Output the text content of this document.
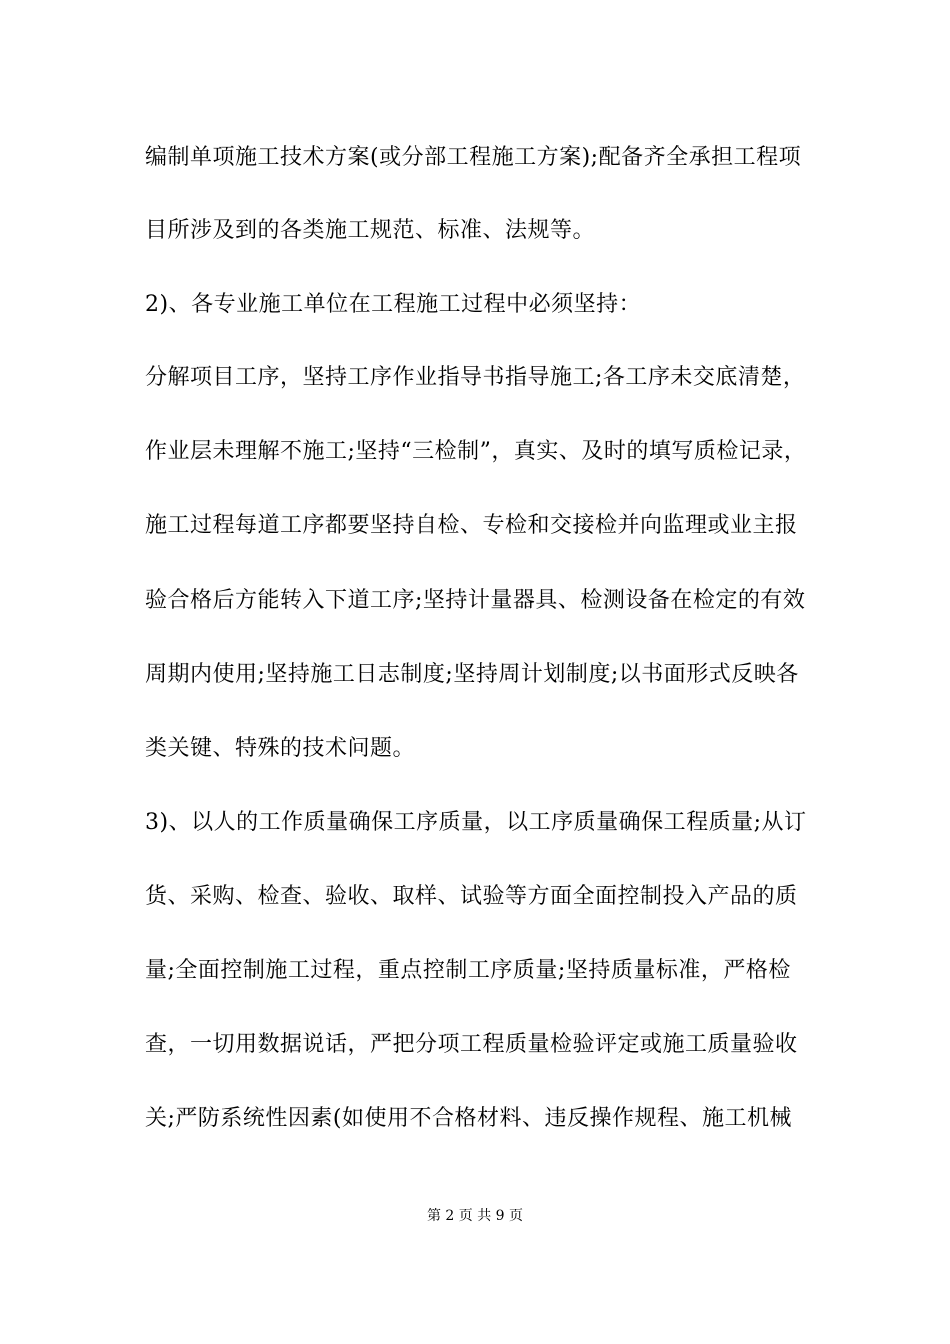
编制单项施工技术方案(或分部工程施工方案);配备齐全承担工程项
目所涉及到的各类施工规范、标准、法规等。
2)、各专业施工单位在工程施工过程中必须坚持：
分解项目工序，坚持工序作业指导书指导施工;各工序未交底清楚，
作业层未理解不施工;坚持“三检制”，真实、及时的填写质检记录，
施工过程每道工序都要坚持自检、专检和交接检并向监理或业主报
验合格后方能转入下道工序;坚持计量器具、检测设备在检定的有效
周期内使用;坚持施工日志制度;坚持周计划制度;以书面形式反映各
类关键、特殊的技术问题。
3)、以人的工作质量确保工序质量，以工序质量确保工程质量;从订
货、采购、检查、验收、取样、试验等方面全面控制投入产品的质
量;全面控制施工过程，重点控制工序质量;坚持质量标准，严格检
查，一切用数据说话，严把分项工程质量检验评定或施工质量验收
关;严防系统性因素(如使用不合格材料、违反操作规程、施工机械
第 2 页 共 9 页
